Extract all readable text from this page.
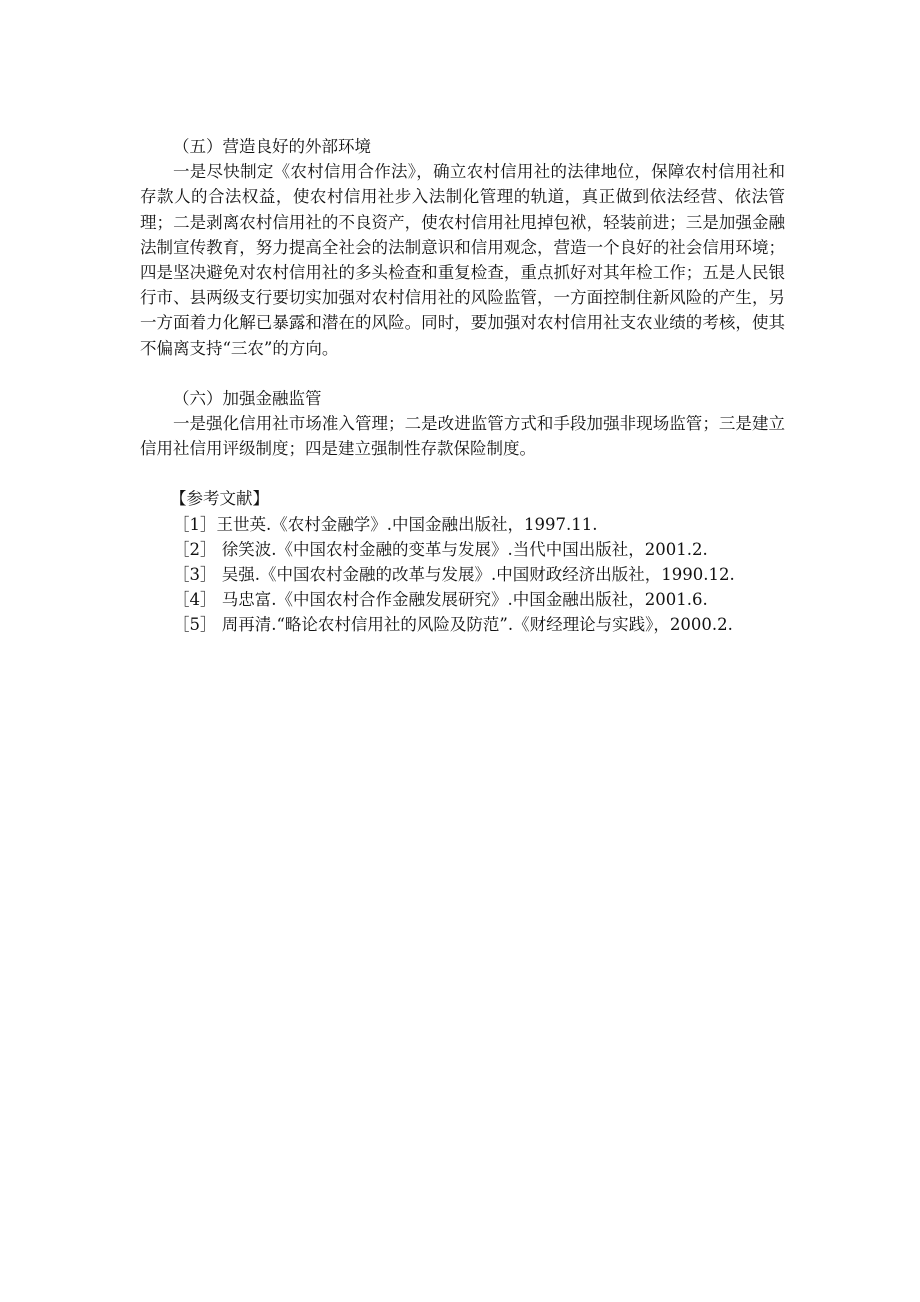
（五）营造良好的外部环境

一是尽快制定《农村信用合作法》，确立农村信用社的法律地位，保障农村信用社和存款人的合法权益，使农村信用社步入法制化管理的轨道，真正做到依法经营、依法管理；二是剥离农村信用社的不良资产，使农村信用社甩掉包袱，轻装前进；三是加强金融法制宣传教育，努力提高全社会的法制意识和信用观念，营造一个良好的社会信用环境；四是坚决避免对农村信用社的多头检查和重复检查，重点抓好对其年检工作；五是人民银行市、县两级支行要切实加强对农村信用社的风险监管，一方面控制住新风险的产生，另一方面着力化解已暴露和潜在的风险。同时，要加强对农村信用社支农业绩的考核，使其不偏离支持“三农”的方向。

（六）加强金融监管

一是强化信用社市场准入管理；二是改进监管方式和手段加强非现场监管；三是建立信用社信用评级制度；四是建立强制性存款保险制度。

【参考文献】

［1］王世英.《农村金融学》.中国金融出版社，1997.11.

［2］ 徐笑波.《中国农村金融的变革与发展》.当代中国出版社，2001.2.

［3］ 吴强.《中国农村金融的改革与发展》.中国财政经济出版社，1990.12.

［4］ 马忠富.《中国农村合作金融发展研究》.中国金融出版社，2001.6.

［5］ 周再清.“略论农村信用社的风险及防范”.《财经理论与实践》，2000.2.
